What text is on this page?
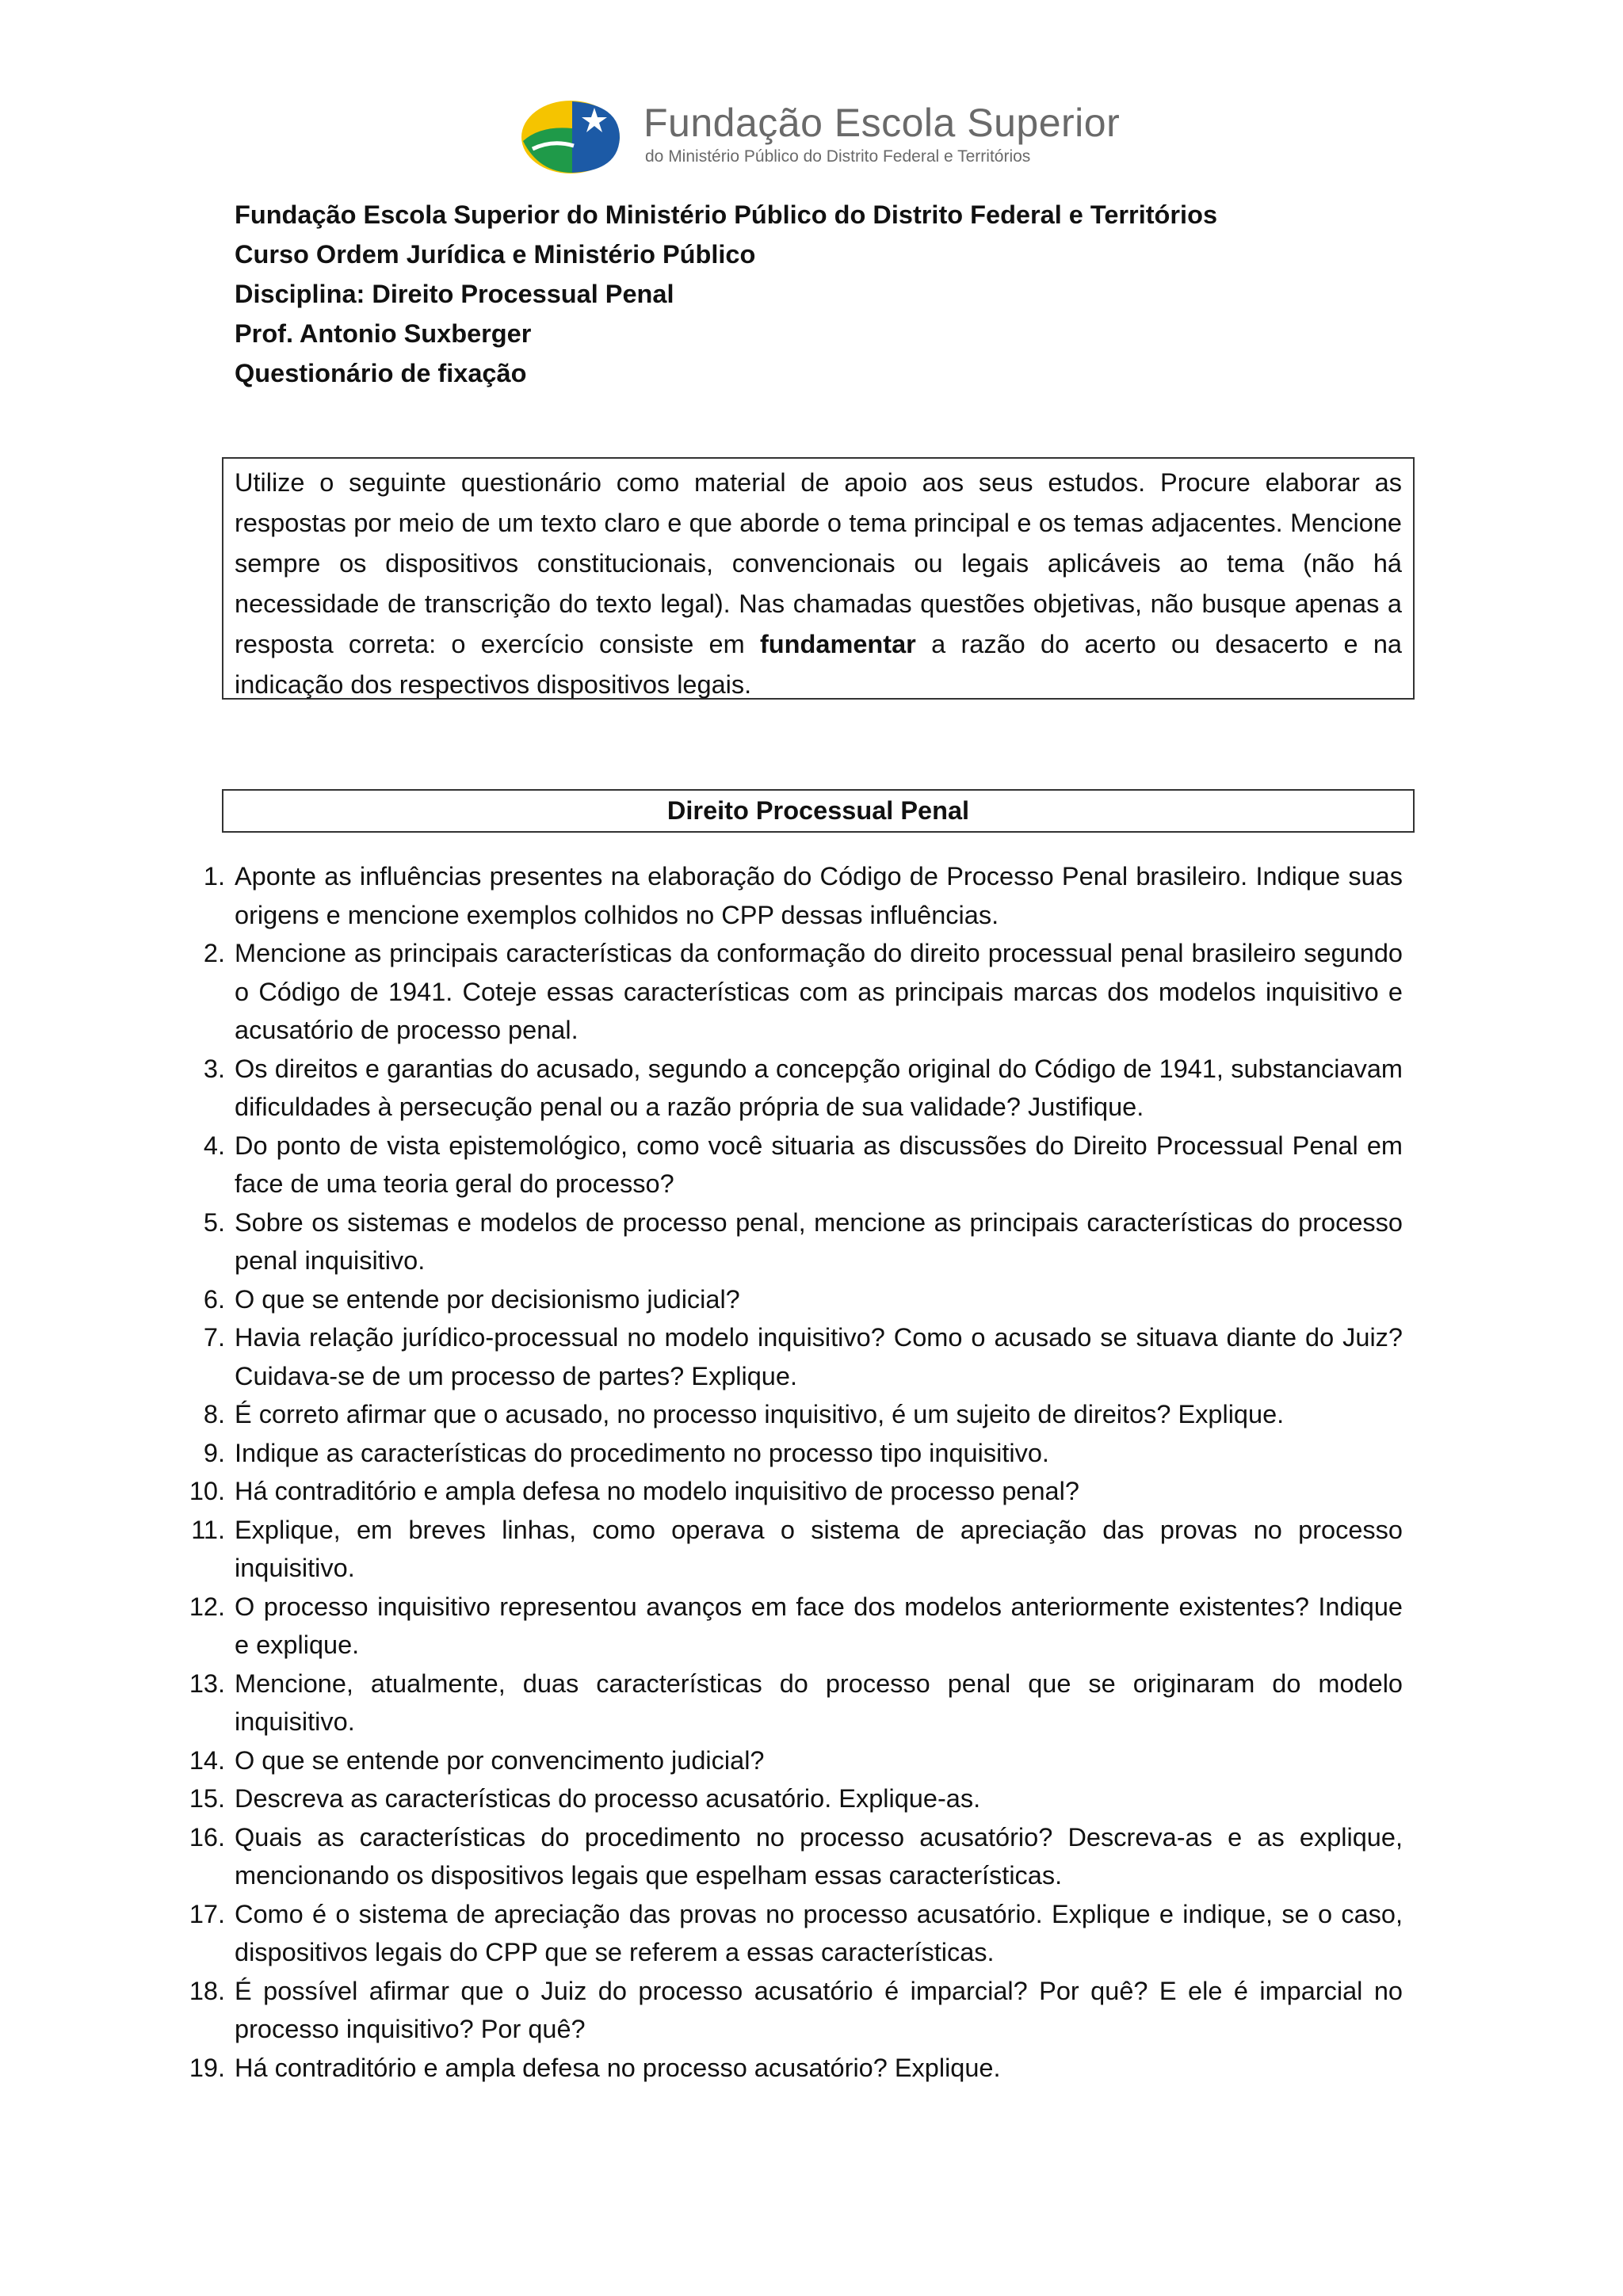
Fundação Escola Superior
do Ministério Público do Distrito Federal e Territórios
Fundação Escola Superior do Ministério Público do Distrito Federal e Territórios
Curso Ordem Jurídica e Ministério Público
Disciplina: Direito Processual Penal
Prof. Antonio Suxberger
Questionário de fixação
Utilize o seguinte questionário como material de apoio aos seus estudos. Procure elaborar as respostas por meio de um texto claro e que aborde o tema principal e os temas adjacentes. Mencione sempre os dispositivos constitucionais, convencionais ou legais aplicáveis ao tema (não há necessidade de transcrição do texto legal). Nas chamadas questões objetivas, não busque apenas a resposta correta: o exercício consiste em fundamentar a razão do acerto ou desacerto e na indicação dos respectivos dispositivos legais.
Direito Processual Penal
1. Aponte as influências presentes na elaboração do Código de Processo Penal brasileiro. Indique suas origens e mencione exemplos colhidos no CPP dessas influências.
2. Mencione as principais características da conformação do direito processual penal brasileiro segundo o Código de 1941. Coteje essas características com as principais marcas dos modelos inquisitivo e acusatório de processo penal.
3. Os direitos e garantias do acusado, segundo a concepção original do Código de 1941, substanciavam dificuldades à persecução penal ou a razão própria de sua validade? Justifique.
4. Do ponto de vista epistemológico, como você situaria as discussões do Direito Processual Penal em face de uma teoria geral do processo?
5. Sobre os sistemas e modelos de processo penal, mencione as principais características do processo penal inquisitivo.
6. O que se entende por decisionismo judicial?
7. Havia relação jurídico-processual no modelo inquisitivo? Como o acusado se situava diante do Juiz? Cuidava-se de um processo de partes? Explique.
8. É correto afirmar que o acusado, no processo inquisitivo, é um sujeito de direitos? Explique.
9. Indique as características do procedimento no processo tipo inquisitivo.
10. Há contraditório e ampla defesa no modelo inquisitivo de processo penal?
11. Explique, em breves linhas, como operava o sistema de apreciação das provas no processo inquisitivo.
12. O processo inquisitivo representou avanços em face dos modelos anteriormente existentes? Indique e explique.
13. Mencione, atualmente, duas características do processo penal que se originaram do modelo inquisitivo.
14. O que se entende por convencimento judicial?
15. Descreva as características do processo acusatório. Explique-as.
16. Quais as características do procedimento no processo acusatório? Descreva-as e as explique, mencionando os dispositivos legais que espelham essas características.
17. Como é o sistema de apreciação das provas no processo acusatório. Explique e indique, se o caso, dispositivos legais do CPP que se referem a essas características.
18. É possível afirmar que o Juiz do processo acusatório é imparcial? Por quê? E ele é imparcial no processo inquisitivo? Por quê?
19. Há contraditório e ampla defesa no processo acusatório? Explique.
